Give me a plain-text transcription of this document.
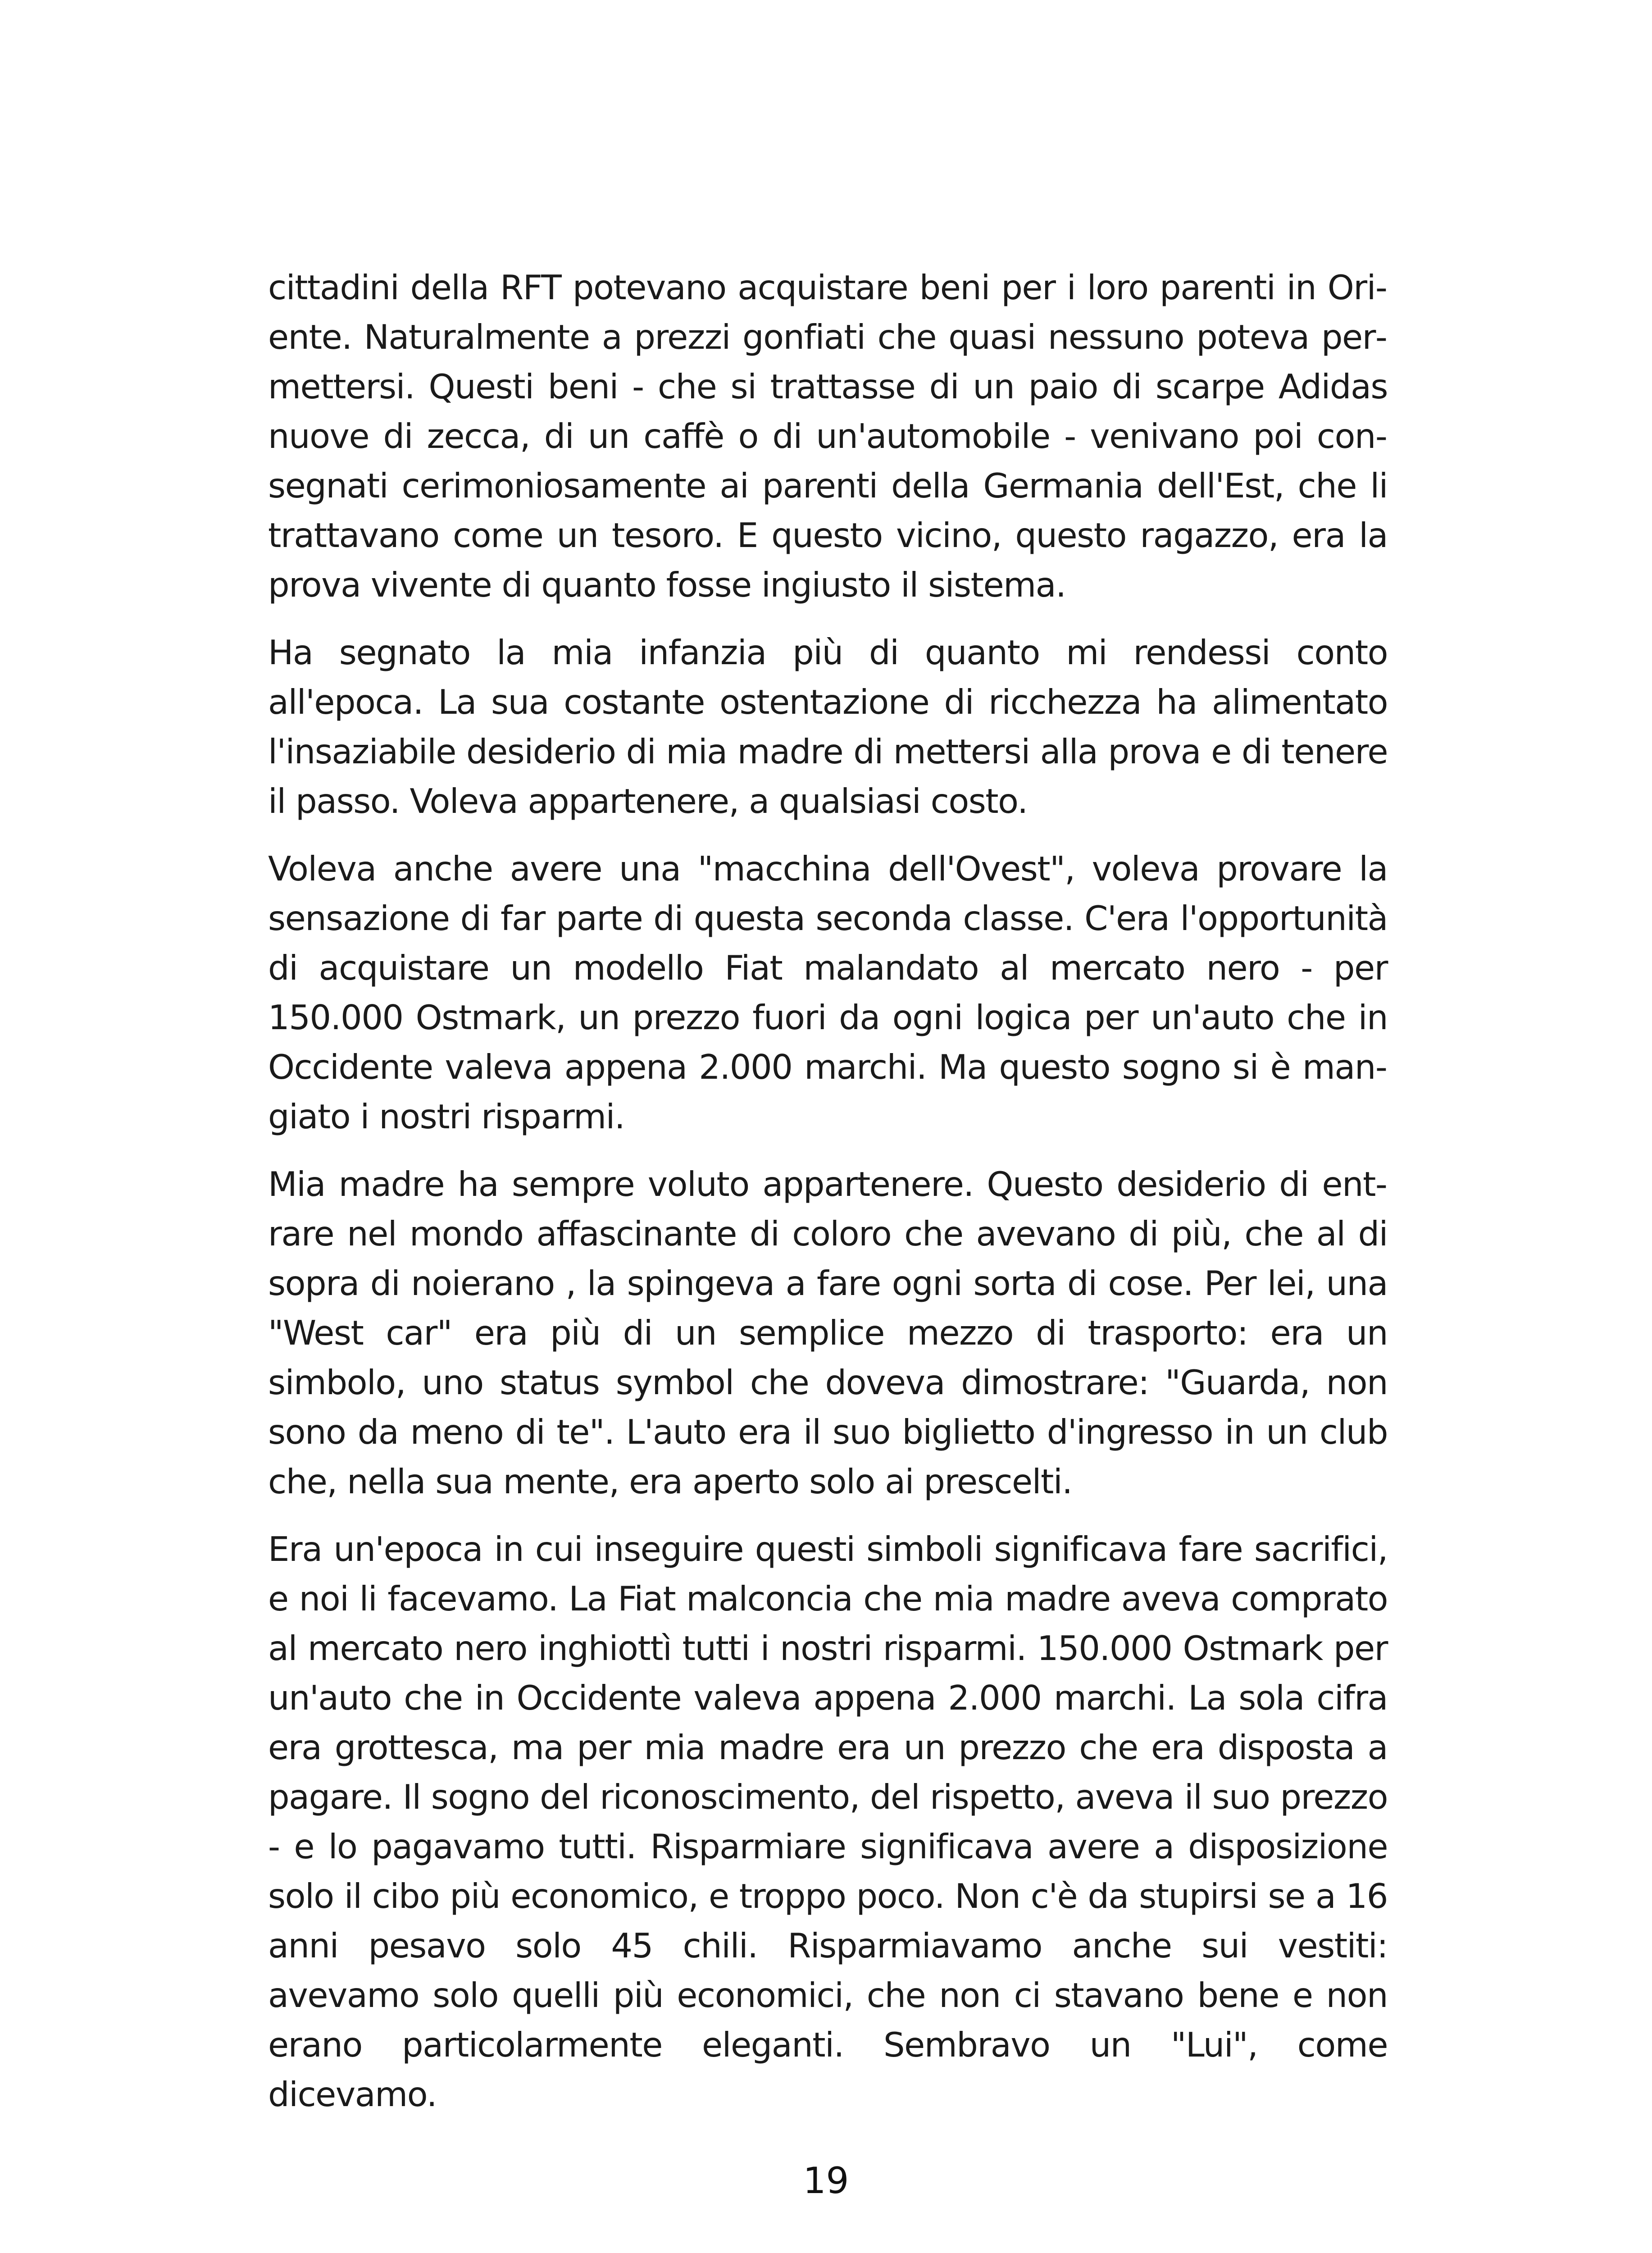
cittadini della RFT potevano acquistare beni per i loro parenti in Oriente. Naturalmente a prezzi gonfiati che quasi nessuno poteva permettersi. Questi beni - che si trattasse di un paio di scarpe Adidas nuove di zecca, di un caffè o di un'automobile - venivano poi consegnati cerimoniosamente ai parenti della Germania dell'Est, che li trattavano come un tesoro. E questo vicino, questo ragazzo, era la prova vivente di quanto fosse ingiusto il sistema.

Ha segnato la mia infanzia più di quanto mi rendessi conto all'epoca. La sua costante ostentazione di ricchezza ha alimentato l'insaziabile desiderio di mia madre di mettersi alla prova e di tenere il passo. Voleva appartenere, a qualsiasi costo.

Voleva anche avere una "macchina dell'Ovest", voleva provare la sensazione di far parte di questa seconda classe. C'era l'opportunità di acquistare un modello Fiat malandato al mercato nero - per 150.000 Ostmark, un prezzo fuori da ogni logica per un'auto che in Occidente valeva appena 2.000 marchi. Ma questo sogno si è mangiato i nostri risparmi.

Mia madre ha sempre voluto appartenere. Questo desiderio di entrare nel mondo affascinante di coloro che avevano di più, che al di sopra di noierano , la spingeva a fare ogni sorta di cose. Per lei, una "West car" era più di un semplice mezzo di trasporto: era un simbolo, uno status symbol che doveva dimostrare: "Guarda, non sono da meno di te". L'auto era il suo biglietto d'ingresso in un club che, nella sua mente, era aperto solo ai prescelti.

Era un'epoca in cui inseguire questi simboli significava fare sacrifici, e noi li facevamo. La Fiat malconcia che mia madre aveva comprato al mercato nero inghiottì tutti i nostri risparmi. 150.000 Ostmark per un'auto che in Occidente valeva appena 2.000 marchi. La sola cifra era grottesca, ma per mia madre era un prezzo che era disposta a pagare. Il sogno del riconoscimento, del rispetto, aveva il suo prezzo - e lo pagavamo tutti. Risparmiare significava avere a disposizione solo il cibo più economico, e troppo poco. Non c'è da stupirsi se a 16 anni pesavo solo 45 chili. Risparmiavamo anche sui vestiti: avevamo solo quelli più economici, che non ci stavano bene e non erano particolarmente eleganti. Sembravo un "Lui", come dicevamo.

19
